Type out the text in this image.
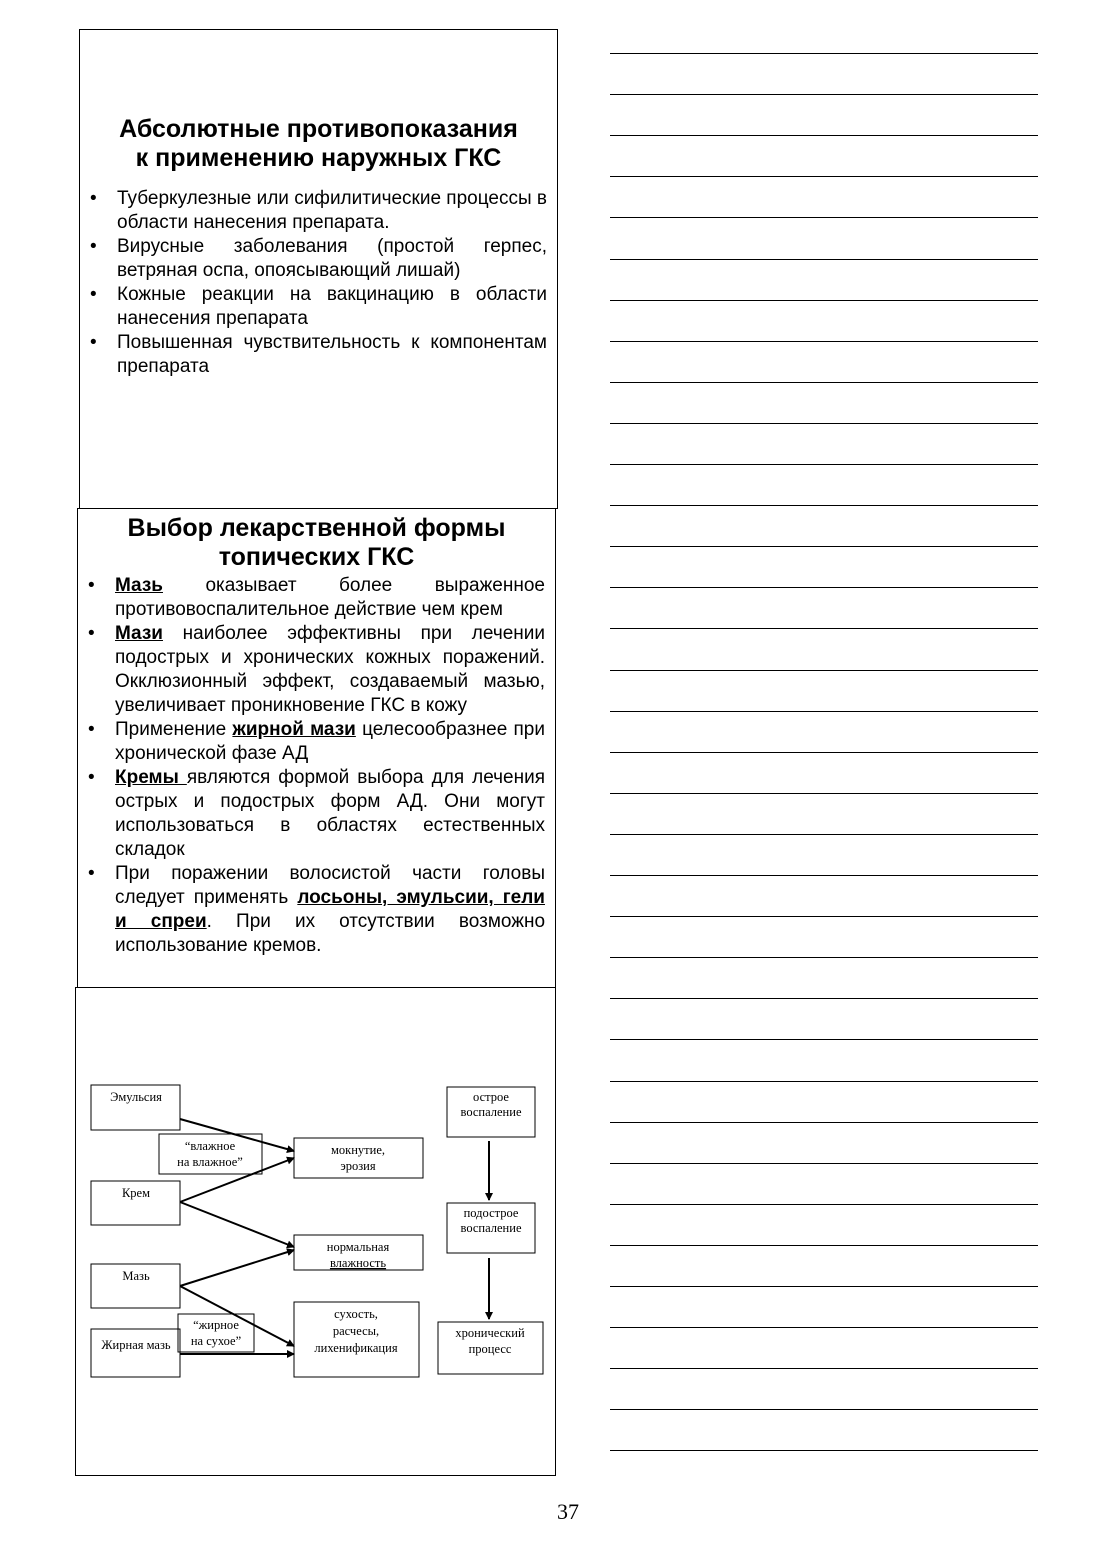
Абсолютные противопоказания
к применению наружных ГКС
• Туберкулезные или сифилитические процессы в области нанесения препарата.
• Вирусные заболевания (простой герпес, ветряная оспа, опоясывающий лишай)
• Кожные реакции на вакцинацию в области нанесения препарата
• Повышенная чувствительность к компонентам препарата
Выбор лекарственной формы
топических ГКС
• Мазь оказывает более выраженное противовоспалительное действие чем крем
• Мази наиболее эффективны при лечении подострых и хронических кожных поражений. Окклюзионный эффект, создаваемый мазью, увеличивает проникновение ГКС в кожу
• Применение жирной мази целесообразнее при хронической фазе АД
• Кремы являются формой выбора для лечения острых и подострых форм АД. Они могут использоваться в областях естественных складок
• При поражении волосистой части головы следует применять лосьоны, эмульсии, гели и спреи. При их отсутствии возможно использование кремов.
Эмульсия
Крем
Мазь
Жирная мазь
мокнутие,
эрозия
нормальная
влажность
сухость,
расчесы,
лихенификация
“влажное
на влажное”
“жирное
на сухое”
острое
воспаление
подострое
воспаление
хронический
процесс
37
